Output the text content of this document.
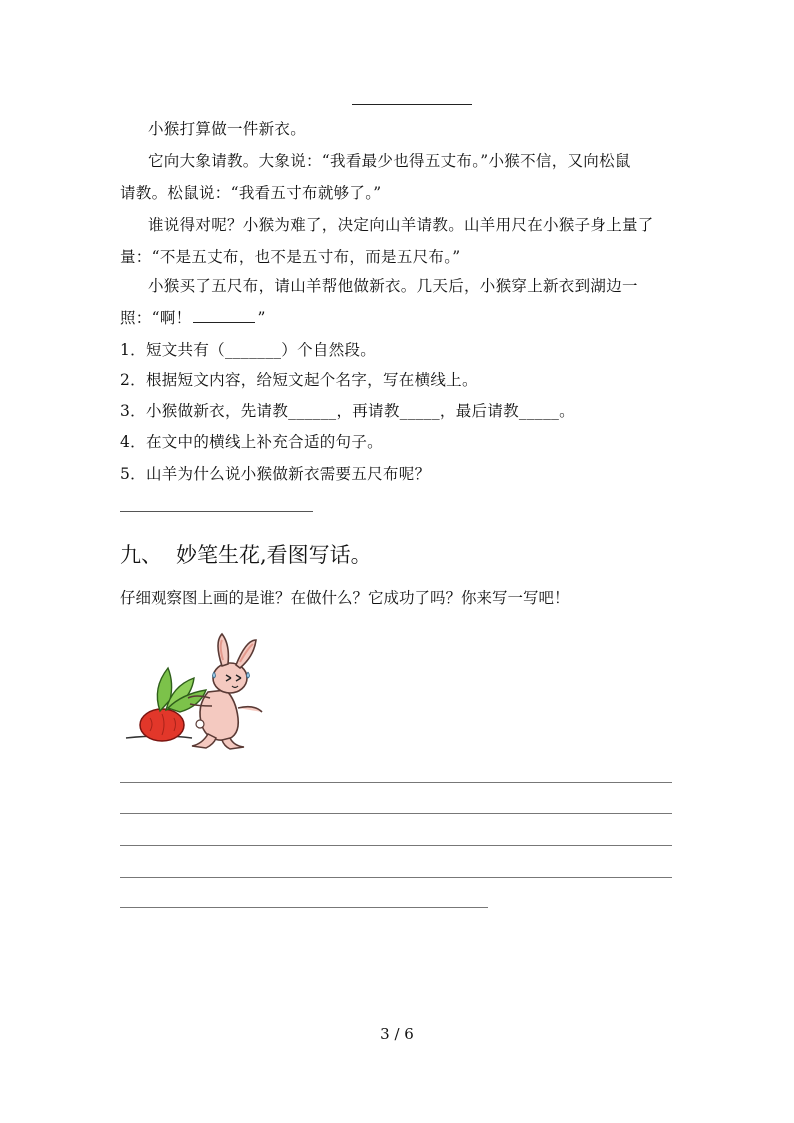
小猴打算做一件新衣。
它向大象请教。大象说：“我看最少也得五丈布。”小猴不信，又向松鼠
请教。松鼠说：“我看五寸布就够了。”
谁说得对呢？小猴为难了，决定向山羊请教。山羊用尺在小猴子身上量了
量：“不是五丈布，也不是五寸布，而是五尺布。”
小猴买了五尺布，请山羊帮他做新衣。几天后，小猴穿上新衣到湖边一
照：“啊！	”
1．短文共有（_______）个自然段。
2．根据短文内容，给短文起个名字，写在横线上。
3．小猴做新衣，先请教______，再请教_____，最后请教_____。
4．在文中的横线上补充合适的句子。
5．山羊为什么说小猴做新衣需要五尺布呢？
九、 妙笔生花,看图写话。
仔细观察图上画的是谁？在做什么？它成功了吗？你来写一写吧！
3 / 6
